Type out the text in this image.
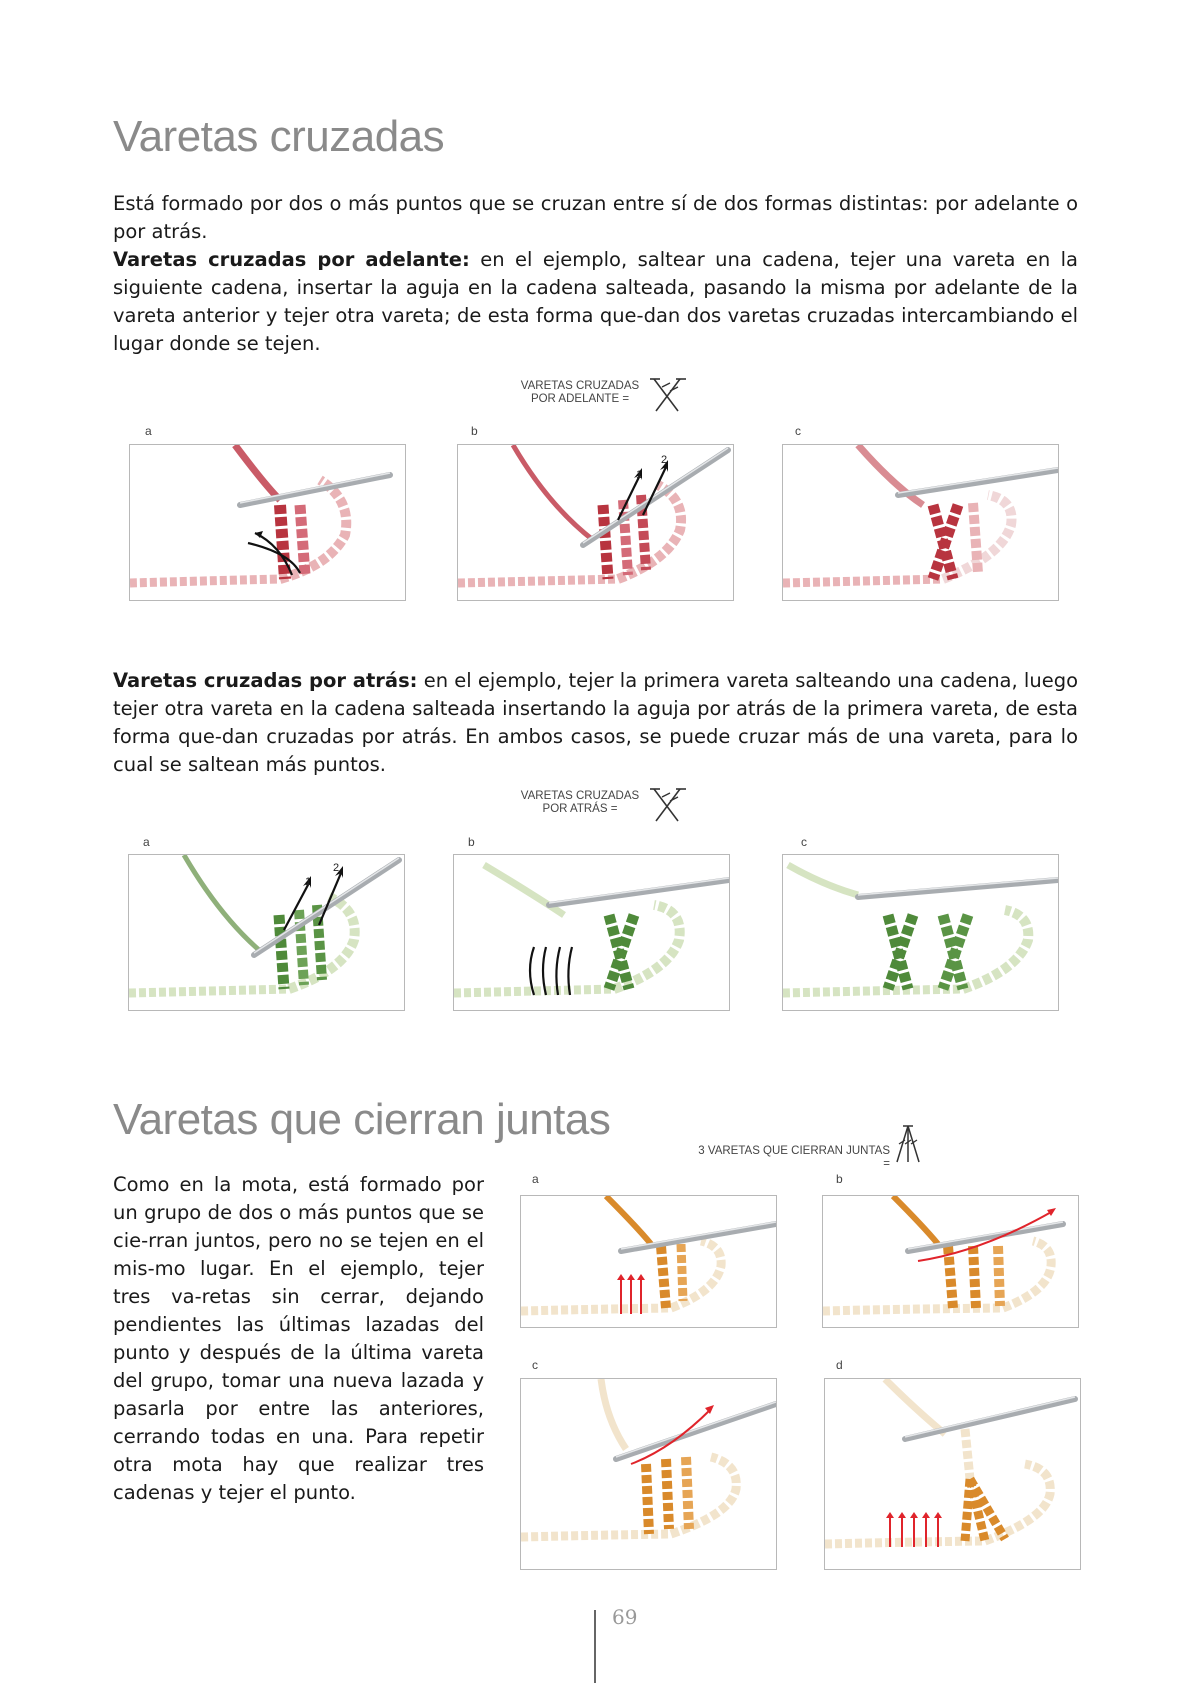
Varetas cruzadas

Está formado por dos o más puntos que se cruzan entre sí de dos formas distintas: por adelante o por atrás.
Varetas cruzadas por adelante: en el ejemplo, saltear una cadena, tejer una vareta en la siguiente cadena, insertar la aguja en la cadena salteada, pasando la misma por adelante de la vareta anterior y tejer otra vareta; de esta forma que-dan dos varetas cruzadas intercambiando el lugar donde se tejen.

VARETAS CRUZADAS
POR ADELANTE =
a	b	c
1
2

Varetas cruzadas por atrás: en el ejemplo, tejer la primera vareta salteando una cadena, luego tejer otra vareta en la cadena salteada insertando la aguja por atrás de la primera vareta, de esta forma que-dan cruzadas por atrás. En ambos casos, se puede cruzar más de una vareta, para lo cual se saltean más puntos.

VARETAS CRUZADAS
POR ATRÁS =
a	b	c
1
2
Varetas que cierran juntas
3 VARETAS QUE CIERRAN JUNTAS =

Como en la mota, está formado por un grupo de dos o más puntos que se cie-rran juntos, pero no se tejen en el mis-mo lugar. En el ejemplo, tejer tres va-retas sin cerrar, dejando pendientes las últimas lazadas del punto y después de la última vareta del grupo, tomar una nueva lazada y pasarla por entre las anteriores, cerrando todas en una. Para repetir otra mota hay que realizar tres cadenas y tejer el punto.

a	b
c	d
69
